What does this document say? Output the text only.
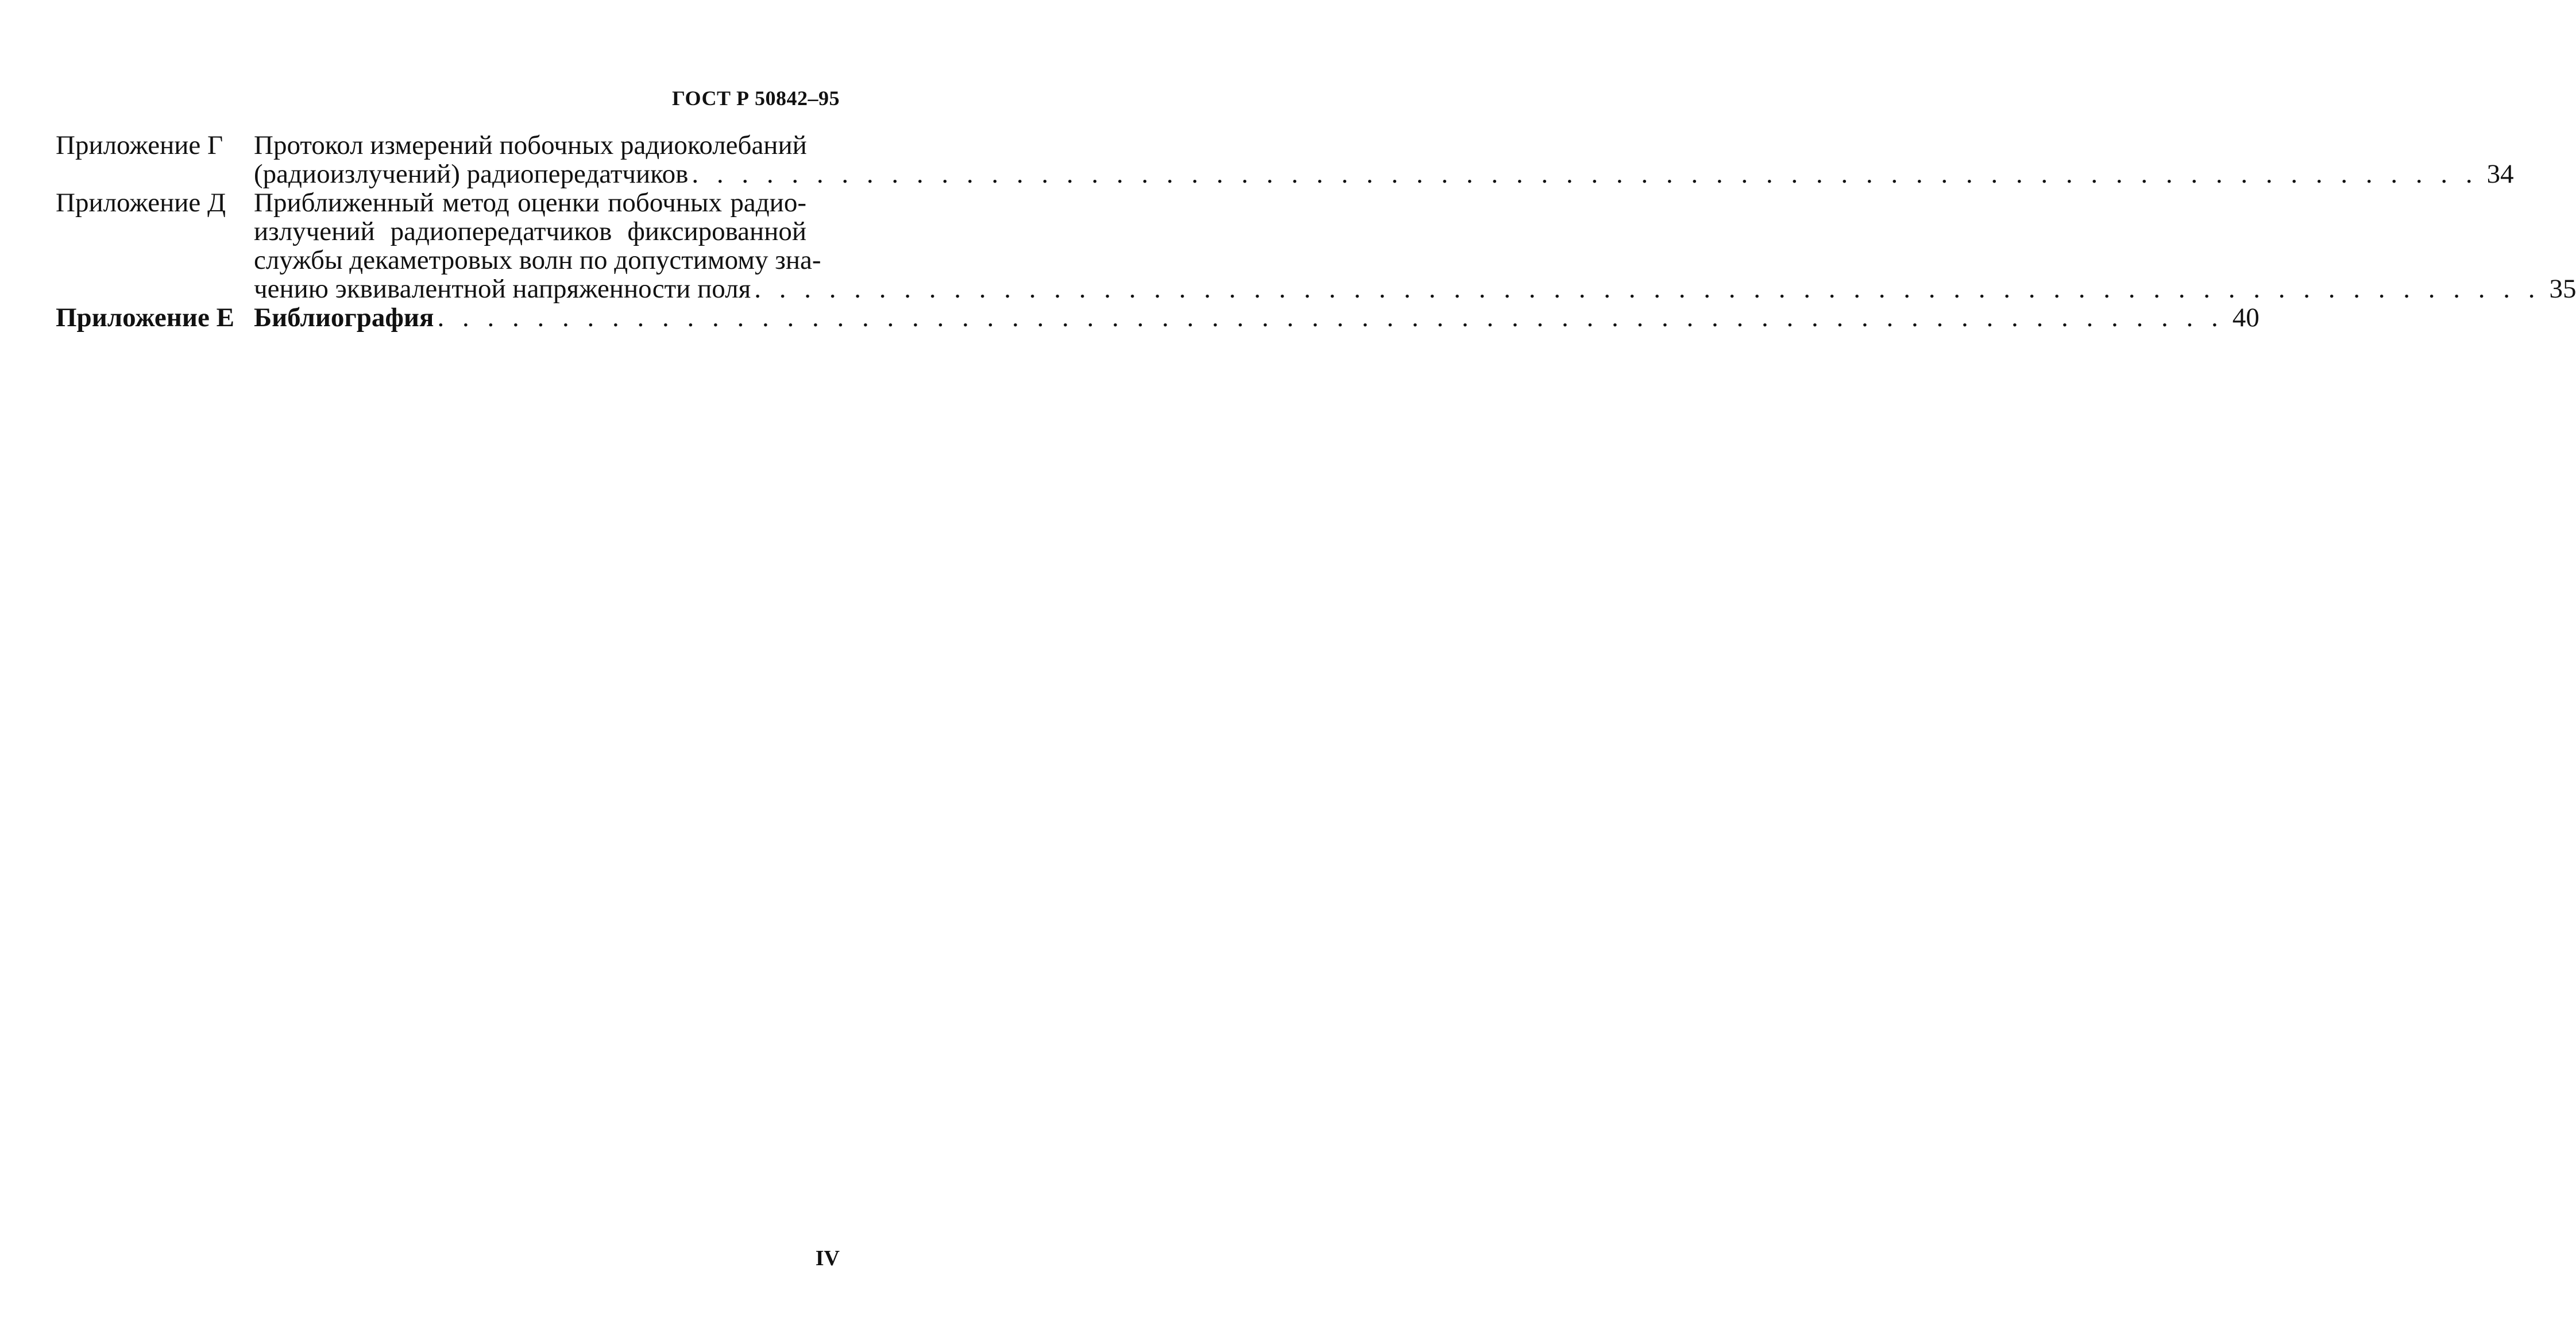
ГОСТ Р 50842–95
Приложение Г	Протокол измерений побочных радиоколебаний
(радиоизлучений) радиопередатчиков . . .	34
Приложение Д	Приближенный метод оценки побочных радио-
излучений радиопередатчиков фиксированной
службы декаметровых волн по допустимому зна-
чению эквивалентной напряженности поля . . .	35
Приложение Е Библиография . . .	40
IV
